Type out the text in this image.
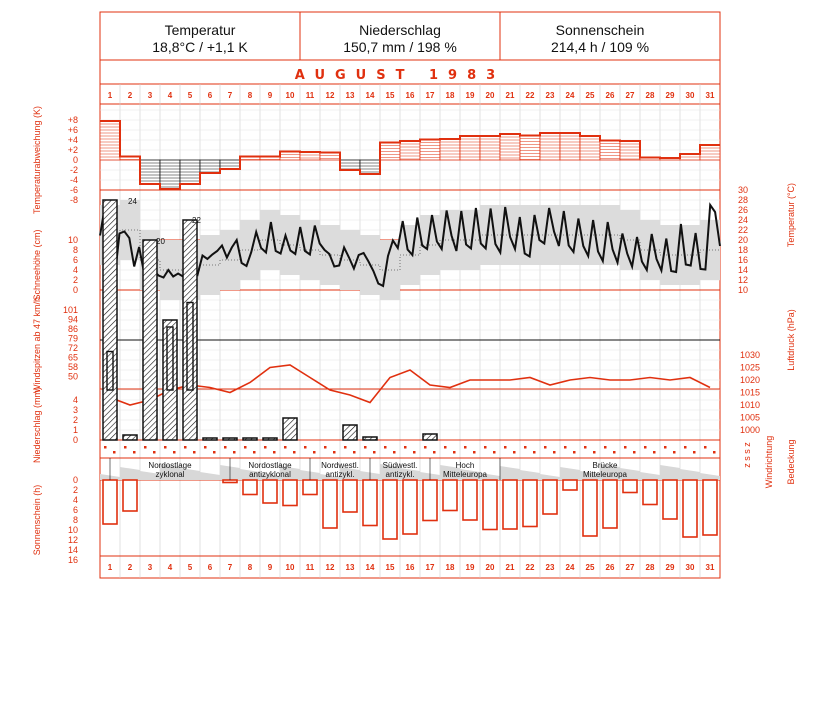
Temperatur
18,8°C / +1,1 K
Niederschlag
150,7 mm / 198 %
Sonnenschein
214,4 h / 109 %
AUGUST 1983
1 2 3 4 5 6 7 8 9 10 11 12 13 14 15 16 17 18 19 20 21 22 23 24 25 26 27 28 29 30 31
1 2 3 4 5 6 7 8 9 10 11 12 13 14 15 16 17 18 19 20 21 22 23 24 25 26 27 28 29 30 31
Temperaturabweichung (K)
Schneehöhe (cm)
Windspitzen ab 47 km/h
Niederschlag (mm)
Sonnenschein (h)
Temperatur (°C)
Luftdruck (hPa)
Windrichtung Bedeckung
z s s z
+8
+6
+4
+2
0
-2
-4
-6
-8
30
28
26
24
22
20
18
16
14
12
10
10
8
6
4
2
0
101
94
86
79
72
65
58
50
1030
1025
1020
1015
1010
1005
1000
4
3
2
1
0
0
2
4
6
8
10
12
14
16
24
20
22
Nordostlage
zyklonal
Nordostlage
antizyklonal
Nordwestl.
antizykl.
Südwestl.
antizykl.
Hoch
Mitteleuropa
Brücke
Mitteleuropa
